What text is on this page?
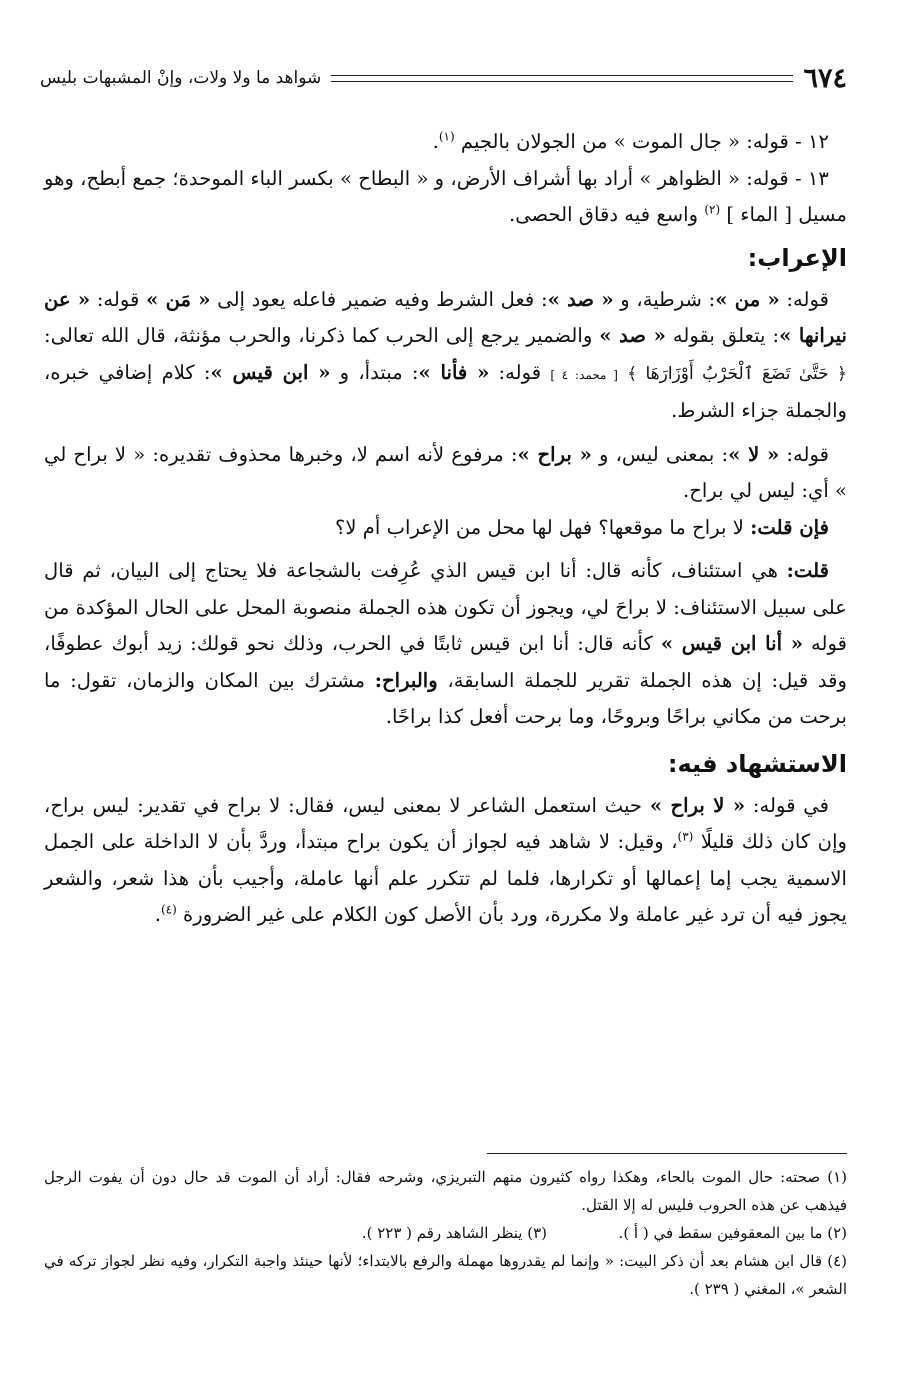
٦٧٤
شواهد ما ولا ولات، وإنْ المشبهات بليس

١٢ - قوله: « جال الموت » من الجولان بالجيم $^{(١)}$.

١٣ - قوله: « الظواهر » أراد بها أشراف الأرض، و « البطاح » بكسر الباء الموحدة؛ جمع أبطح، وهو مسيل [ الماء ] $^{(٢)}$ واسع فيه دقاق الحصى.

الإعراب:

قوله: « من »: شرطية، و « صد »: فعل الشرط وفيه ضمير فاعله يعود إلى « مَن » قوله: « عن نيرانها »: يتعلق بقوله « صد » والضمير يرجع إلى الحرب كما ذكرنا، والحرب مؤنثة، قال الله تعالى: ﴿ حَتَّىٰ تَضَعَ ٱلْحَرْبُ أَوْزَارَهَا ﴾ [ محمد: ٤ ] قوله: « فأنا »: مبتدأ، و « ابن قيس »: كلام إضافي خبره، والجملة جزاء الشرط.

قوله: « لا »: بمعنى ليس، و « براح »: مرفوع لأنه اسم لا، وخبرها محذوف تقديره: « لا براح لي » أي: ليس لي براح.

فإن قلت: لا براح ما موقعها؟ فهل لها محل من الإعراب أم لا؟

قلت: هي استئناف، كأنه قال: أنا ابن قيس الذي عُرِفت بالشجاعة فلا يحتاج إلى البيان، ثم قال على سبيل الاستئناف: لا براحَ لي، ويجوز أن تكون هذه الجملة منصوبة المحل على الحال المؤكدة من قوله « أنا ابن قيس » كأنه قال: أنا ابن قيس ثابتًا في الحرب، وذلك نحو قولك: زيد أبوك عطوفًا، وقد قيل: إن هذه الجملة تقرير للجملة السابقة، والبراح: مشترك بين المكان والزمان، تقول: ما برحت من مكاني براحًا وبروحًا، وما برحت أفعل كذا براحًا.

الاستشهاد فيه:

في قوله: « لا براح » حيث استعمل الشاعر لا بمعنى ليس، فقال: لا براح في تقدير: ليس براح، وإن كان ذلك قليلًا $^{(٣)}$، وقيل: لا شاهد فيه لجواز أن يكون براح مبتدأ، وردَّ بأن لا الداخلة على الجمل الاسمية يجب إما إعمالها أو تكرارها، فلما لم تتكرر علم أنها عاملة، وأجيب بأن هذا شعر، والشعر يجوز فيه أن ترد غير عاملة ولا مكررة، ورد بأن الأصل كون الكلام على غير الضرورة $^{(٤)}$.

(١) صحته: حال الموت بالحاء، وهكذا رواه كثيرون منهم التبريزي، وشرحه فقال: أراد أن الموت قد حال دون أن يفوت الرجل فيذهب عن هذه الحروب فليس له إلا القتل.

(٢) ما بين المعقوفين سقط في ( أ ).
(٣) ينظر الشاهد رقم ( ٢٢٣ ).

(٤) قال ابن هشام بعد أن ذكر البيت: « وإنما لم يقدروها مهملة والرفع بالابتداء؛ لأنها حينئذ واجبة التكرار، وفيه نظر لجواز تركه في الشعر »، المغني ( ٢٣٩ ).
